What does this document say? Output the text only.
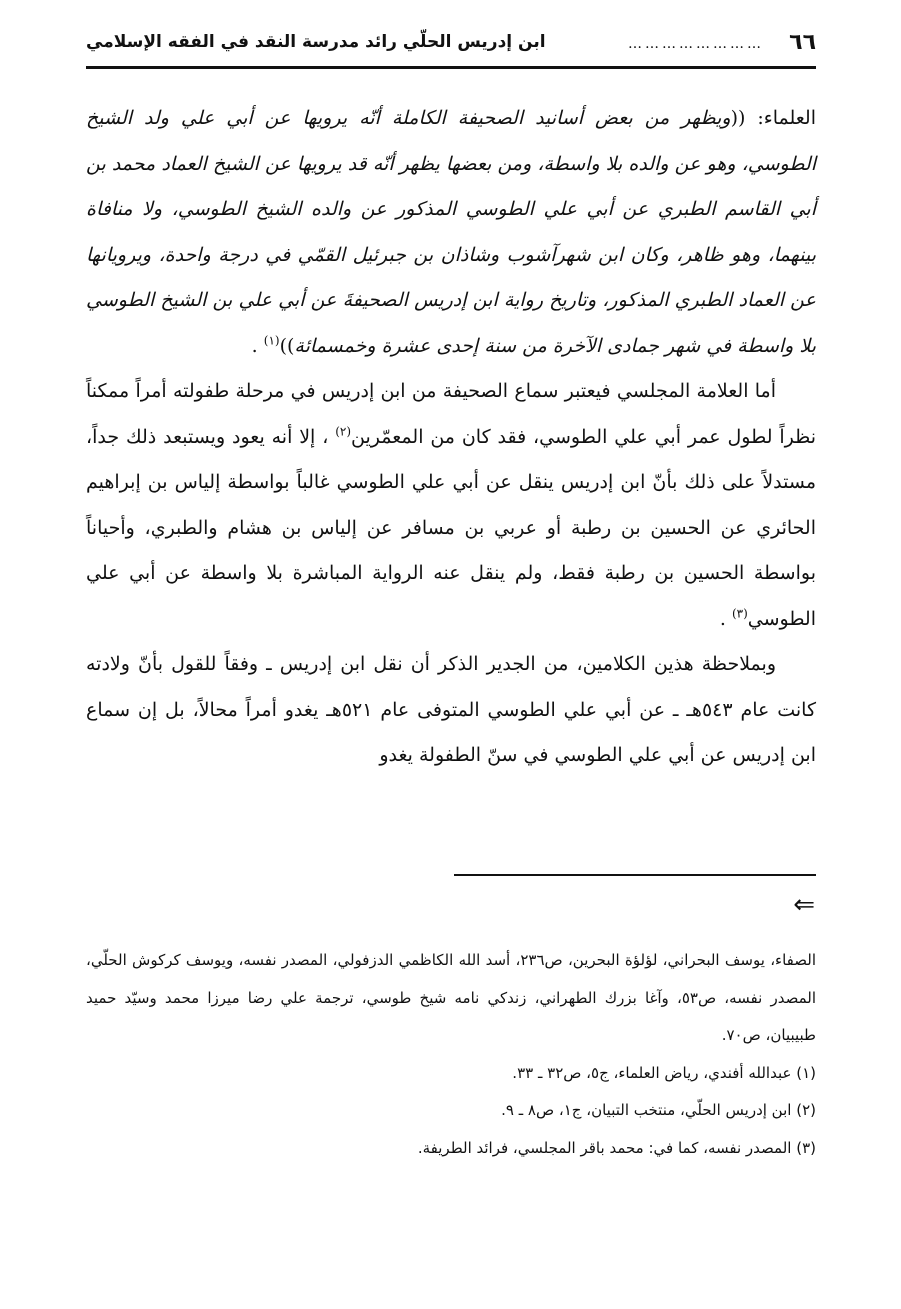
٦٦
……………………
ابن إدريس الحلّي رائد مدرسة النقد في الفقه الإسلامي

العلماء: ((ويظهر من بعض أسانيد الصحيفة الكاملة أنّه يرويها عن أبي علي ولد الشيخ الطوسي، وهو عن والده بلا واسطة، ومن بعضها يظهر أنّه قد يرويها عن الشيخ العماد محمد بن أبي القاسم الطبري عن أبي علي الطوسي المذكور عن والده الشيخ الطوسي، ولا منافاة بينهما، وهو ظاهر، وكان ابن شهرآشوب وشاذان بن جبرئيل القمّي في درجة واحدة، ويرويانها عن العماد الطبري المذكور، وتاريخ رواية ابن إدريس الصحيفةَ عن أبي علي بن الشيخ الطوسي بلا واسطة في شهر جمادى الآخرة من سنة إحدى عشرة وخمسمائة))$^{(١)}$ .

أما العلامة المجلسي فيعتبر سماع الصحيفة من ابن إدريس في مرحلة طفولته أمراً ممكناً نظراً لطول عمر أبي علي الطوسي، فقد كان من المعمّرين$^{(٢)}$ ، إلا أنه يعود ويستبعد ذلك جداً، مستدلاً على ذلك بأنّ ابن إدريس ينقل عن أبي علي الطوسي غالباً بواسطة إلياس بن إبراهيم الحائري عن الحسين بن رطبة أو عربي بن مسافر عن إلياس بن هشام والطبري، وأحياناً بواسطة الحسين بن رطبة فقط، ولم ينقل عنه الرواية المباشرة بلا واسطة عن أبي علي الطوسي$^{(٣)}$ .

وبملاحظة هذين الكلامين، من الجدير الذكر أن نقل ابن إدريس ـ وفقاً للقول بأنّ ولادته كانت عام ٥٤٣هـ ـ عن أبي علي الطوسي المتوفى عام ٥٢١هـ يغدو أمراً محالاً، بل إن سماع ابن إدريس عن أبي علي الطوسي في سنّ الطفولة يغدو

⇐

الصفاء، يوسف البحراني، لؤلؤة البحرين، ص٢٣٦، أسد الله الكاظمي الدزفولي، المصدر نفسه، ويوسف كركوش الحلّي، المصدر نفسه، ص٥٣، وآغا بزرك الطهراني، زندكي نامه شيخ طوسي، ترجمة علي رضا ميرزا محمد وسيّد حميد طبيبيان، ص٧٠.

(١) عبدالله أفندي، رياض العلماء، ج٥، ص٣٢ ـ ٣٣.

(٢) ابن إدريس الحلّي، منتخب التبيان، ج١، ص٨ ـ ٩.

(٣) المصدر نفسه، كما في: محمد باقر المجلسي، فرائد الطريفة.
